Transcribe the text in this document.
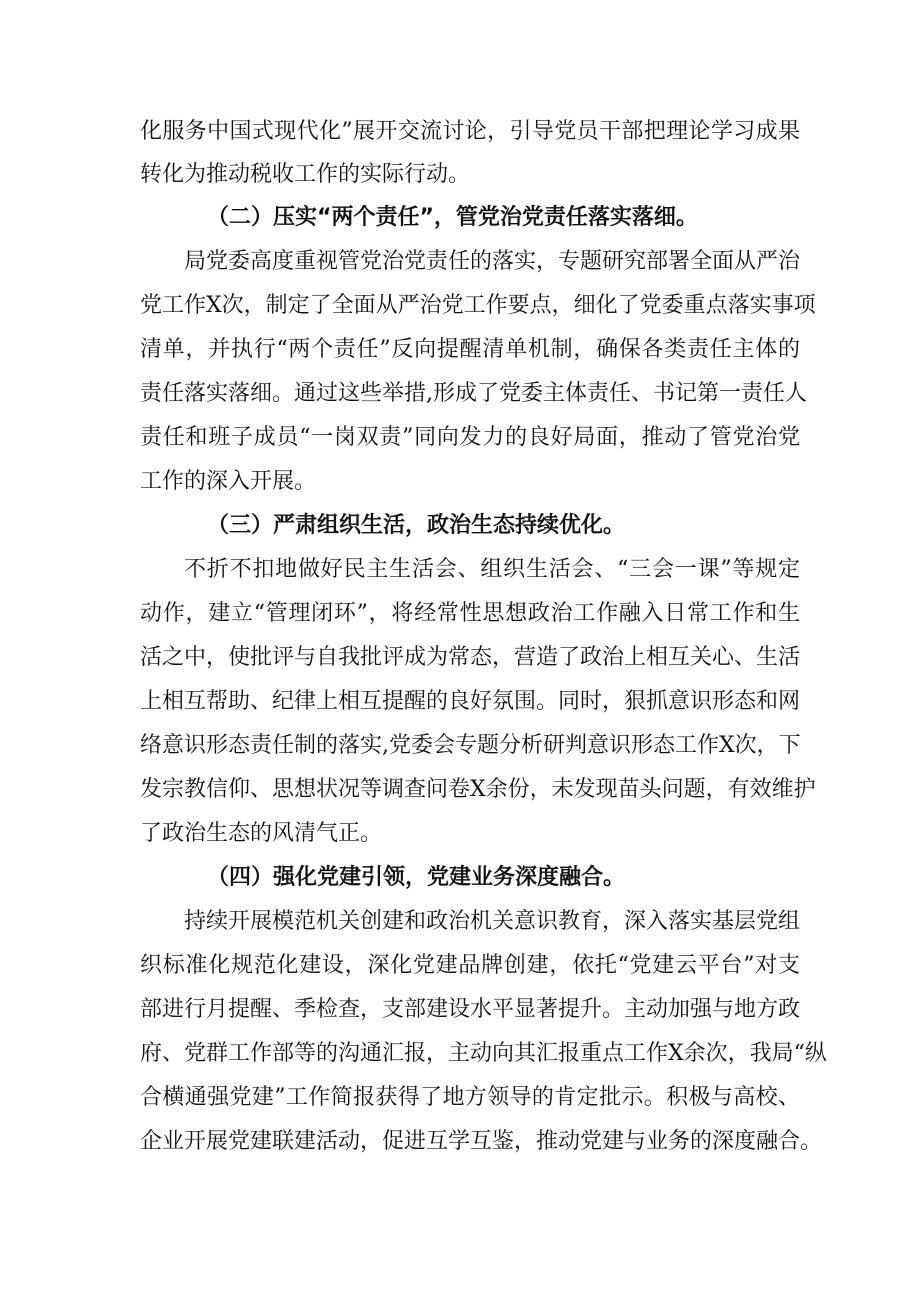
化服务中国式现代化”展开交流讨论，引导党员干部把理论学习成果
转化为推动税收工作的实际行动。
（二）压实“两个责任”，管党治党责任落实落细。
局党委高度重视管党治党责任的落实，专题研究部署全面从严治
党工作X次，制定了全面从严治党工作要点，细化了党委重点落实事项
清单，并执行“两个责任”反向提醒清单机制，确保各类责任主体的
责任落实落细。通过这些举措,形成了党委主体责任、书记第一责任人
责任和班子成员“一岗双责”同向发力的良好局面，推动了管党治党
工作的深入开展。
（三）严肃组织生活，政治生态持续优化。
不折不扣地做好民主生活会、组织生活会、“三会一课”等规定
动作，建立“管理闭环”，将经常性思想政治工作融入日常工作和生
活之中，使批评与自我批评成为常态，营造了政治上相互关心、生活
上相互帮助、纪律上相互提醒的良好氛围。同时，狠抓意识形态和网
络意识形态责任制的落实,党委会专题分析研判意识形态工作X次，下
发宗教信仰、思想状况等调查问卷X余份，未发现苗头问题，有效维护
了政治生态的风清气正。
（四）强化党建引领，党建业务深度融合。
持续开展模范机关创建和政治机关意识教育，深入落实基层党组
织标准化规范化建设，深化党建品牌创建，依托“党建云平台”对支
部进行月提醒、季检查，支部建设水平显著提升。主动加强与地方政
府、党群工作部等的沟通汇报，主动向其汇报重点工作X余次，我局“纵
合横通强党建”工作简报获得了地方领导的肯定批示。积极与高校、
企业开展党建联建活动，促进互学互鉴，推动党建与业务的深度融合。
